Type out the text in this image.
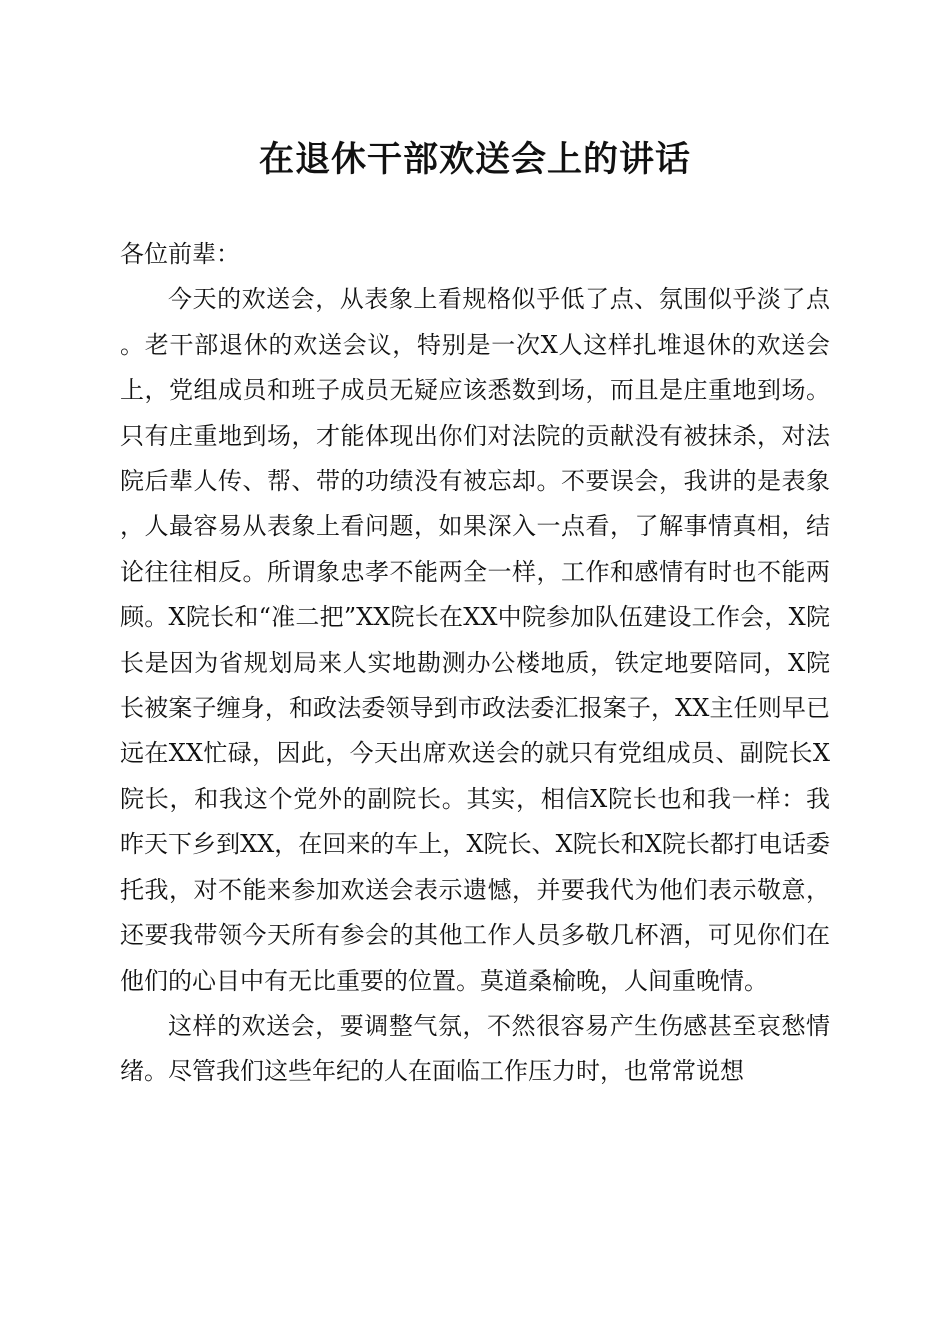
在退休干部欢送会上的讲话

各位前辈：

今天的欢送会，从表象上看规格似乎低了点、氛围似乎淡了点。老干部退休的欢送会议，特别是一次X人这样扎堆退休的欢送会上，党组成员和班子成员无疑应该悉数到场，而且是庄重地到场。只有庄重地到场，才能体现出你们对法院的贡献没有被抹杀，对法院后辈人传、帮、带的功绩没有被忘却。不要误会，我讲的是表象，人最容易从表象上看问题，如果深入一点看，了解事情真相，结论往往相反。所谓象忠孝不能两全一样，工作和感情有时也不能两顾。X院长和“准二把”XX院长在XX中院参加队伍建设工作会，X院长是因为省规划局来人实地勘测办公楼地质，铁定地要陪同，X院长被案子缠身，和政法委领导到市政法委汇报案子，XX主任则早已远在XX忙碌，因此，今天出席欢送会的就只有党组成员、副院长X院长，和我这个党外的副院长。其实，相信X院长也和我一样：我昨天下乡到XX，在回来的车上，X院长、X院长和X院长都打电话委托我，对不能来参加欢送会表示遗憾，并要我代为他们表示敬意，还要我带领今天所有参会的其他工作人员多敬几杯酒，可见你们在他们的心目中有无比重要的位置。莫道桑榆晚，人间重晚情。

这样的欢送会，要调整气氛，不然很容易产生伤感甚至哀愁情绪。尽管我们这些年纪的人在面临工作压力时，也常常说想
